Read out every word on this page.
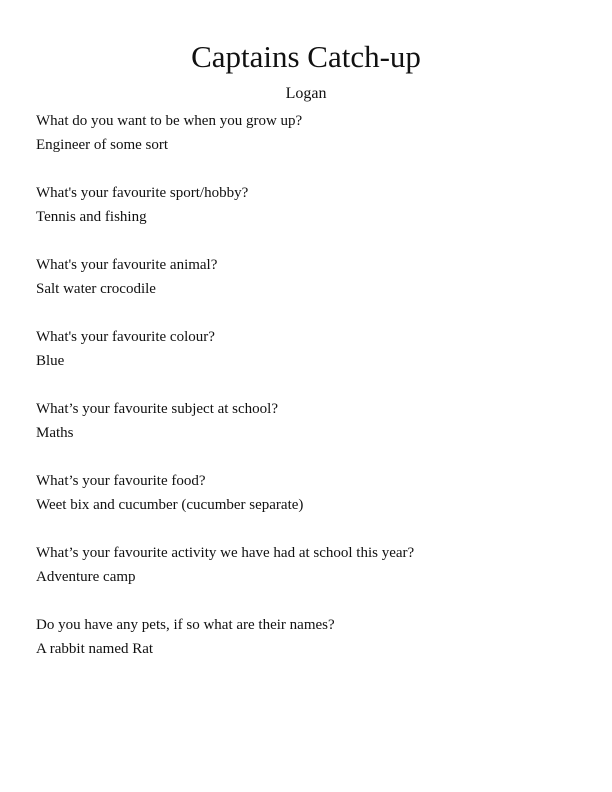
Captains Catch-up
Logan
What do you want to be when you grow up?
Engineer of some sort
What's your favourite sport/hobby?
Tennis and fishing
What's your favourite animal?
Salt water crocodile
What's your favourite colour?
Blue
What’s your favourite subject at school?
Maths
What’s your favourite food?
Weet bix and cucumber (cucumber separate)
What’s your favourite activity we have had at school this year?
Adventure camp
Do you have any pets, if so what are their names?
A rabbit named Rat
